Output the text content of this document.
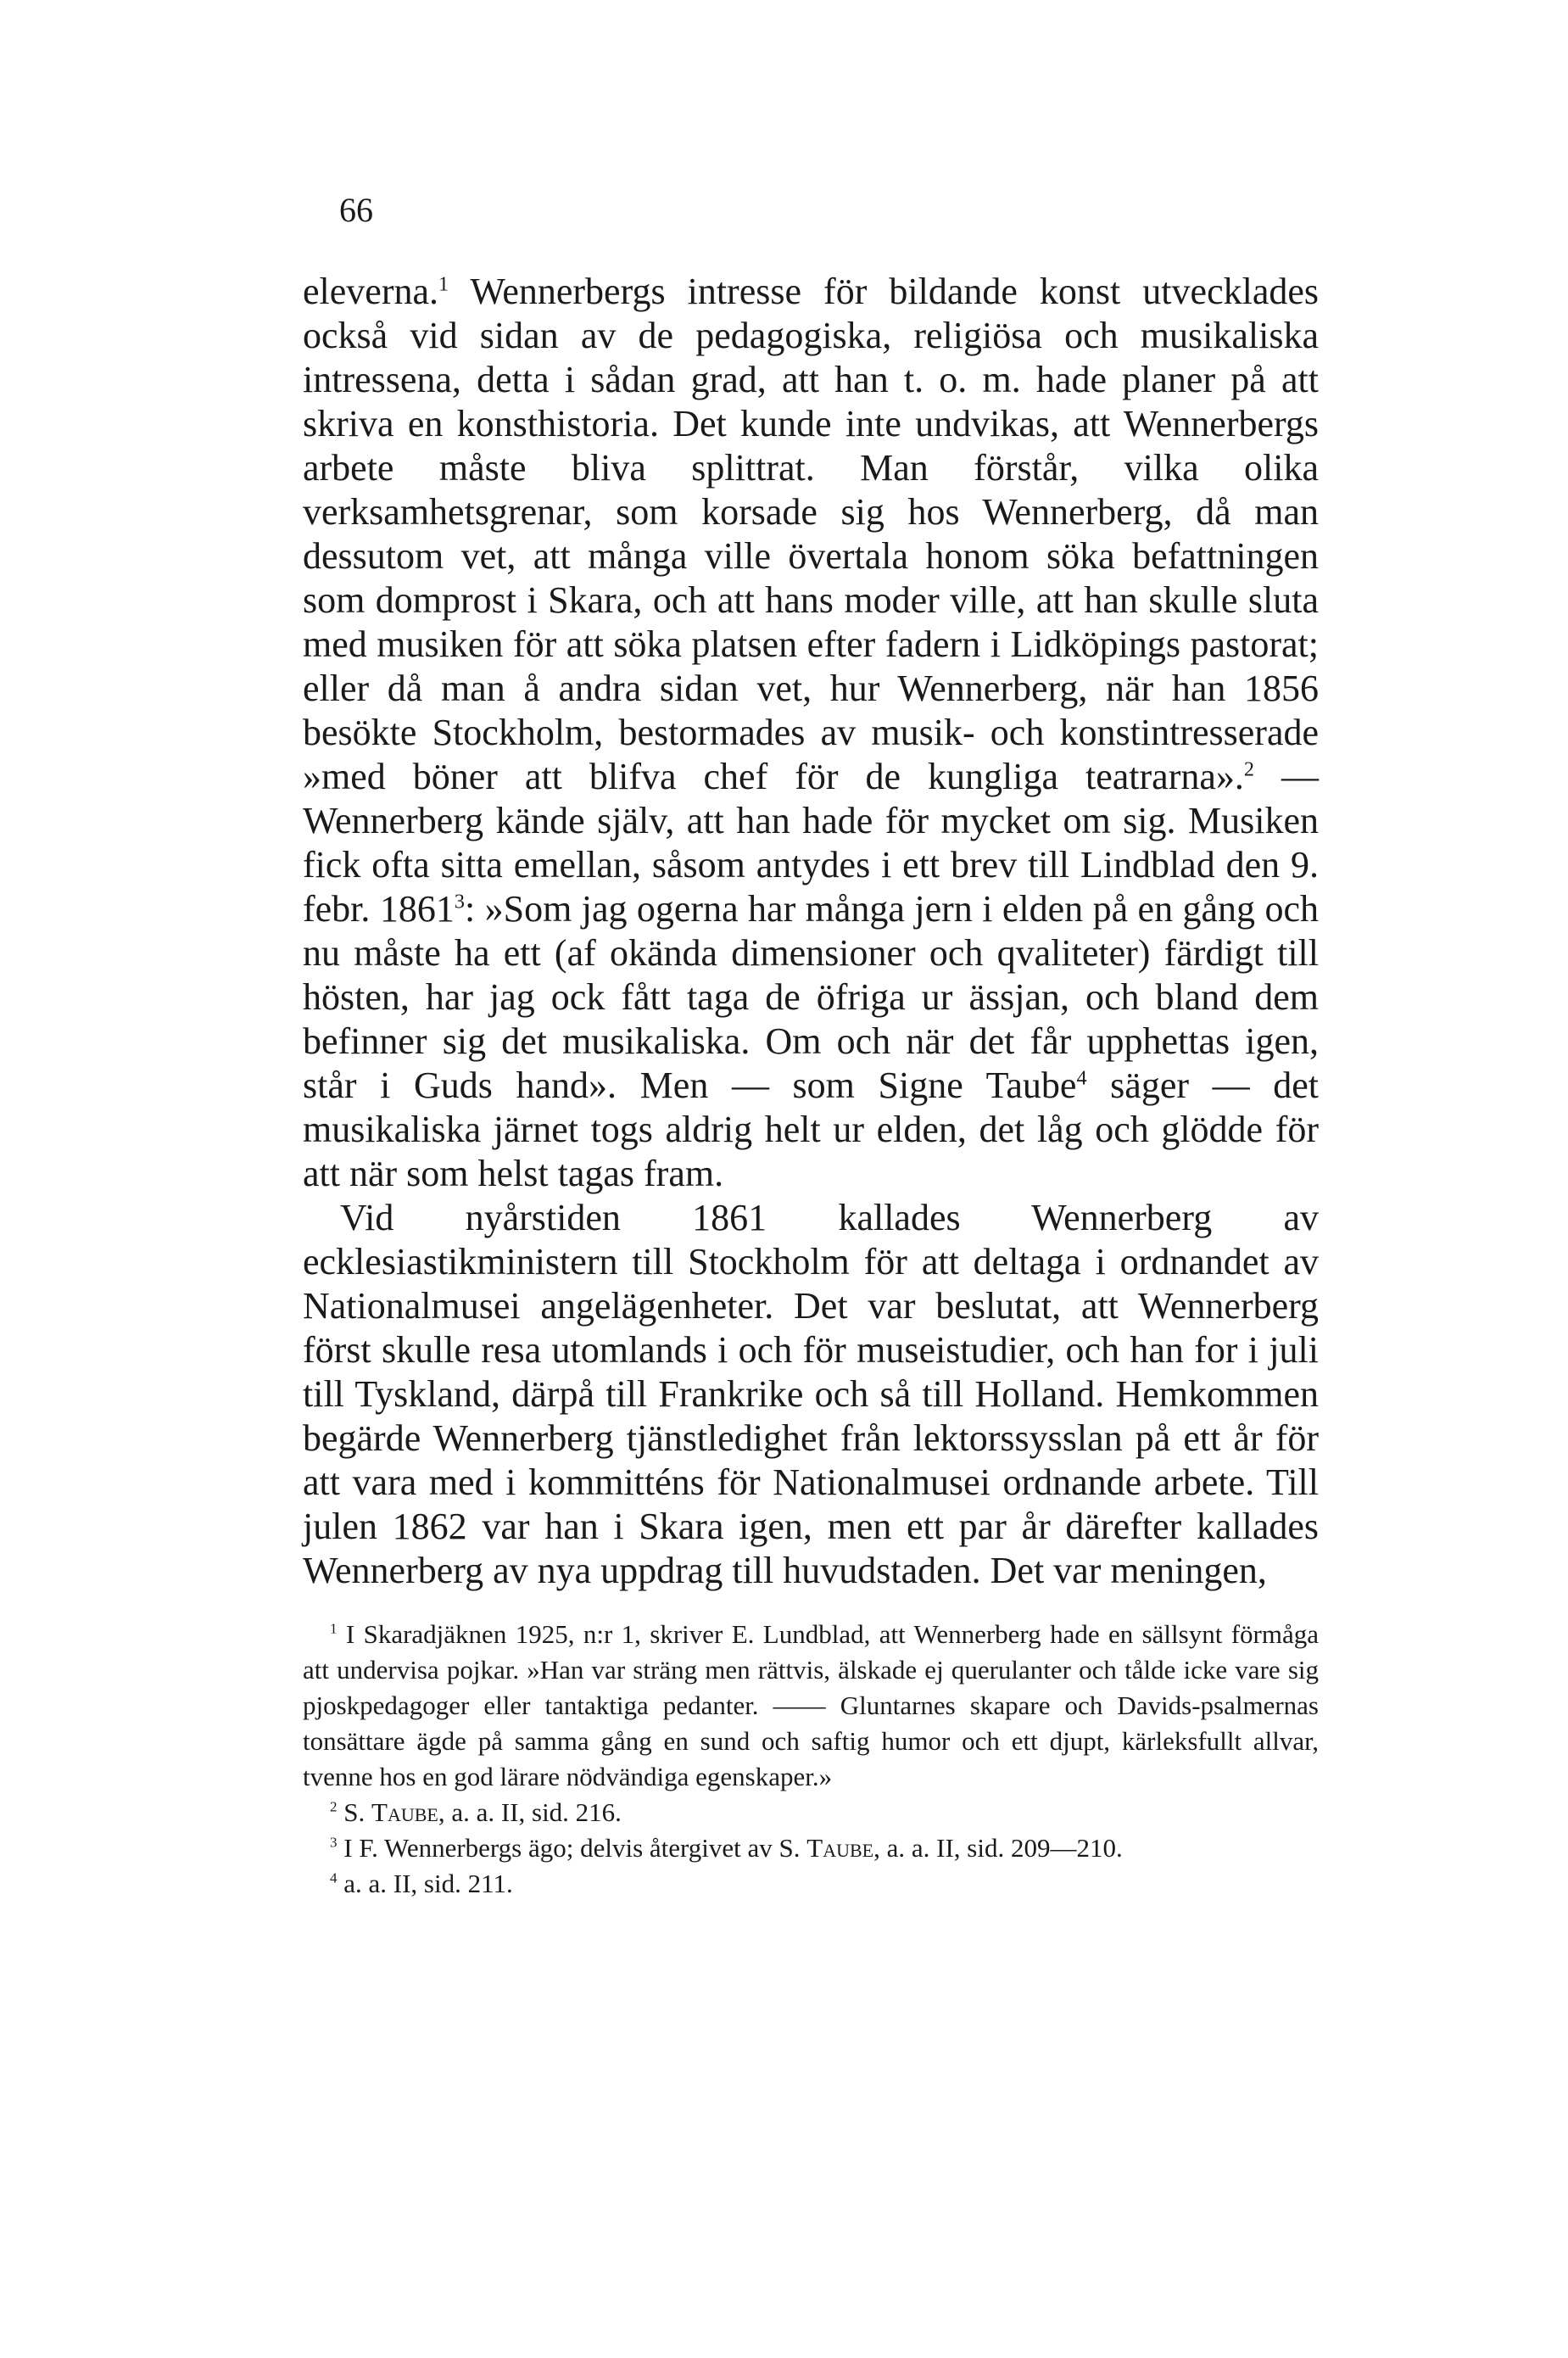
66

eleverna.$^1$ Wennerbergs intresse för bildande konst utvecklades också vid sidan av de pedagogiska, religiösa och musikaliska intressena, detta i sådan grad, att han t. o. m. hade planer på att skriva en konsthistoria. Det kunde inte undvikas, att Wennerbergs arbete måste bliva splittrat. Man förstår, vilka olika verksamhetsgrenar, som korsade sig hos Wennerberg, då man dessutom vet, att många ville övertala honom söka befattningen som domprost i Skara, och att hans moder ville, att han skulle sluta med musiken för att söka platsen efter fadern i Lidköpings pastorat; eller då man å andra sidan vet, hur Wennerberg, när han 1856 besökte Stockholm, bestormades av musik- och konstintresserade »med böner att blifva chef för de kungliga teatrarna».$^2$ — Wennerberg kände själv, att han hade för mycket om sig. Musiken fick ofta sitta emellan, såsom antydes i ett brev till Lindblad den 9. febr. 1861$^3$: »Som jag ogerna har många jern i elden på en gång och nu måste ha ett (af okända dimensioner och qvaliteter) färdigt till hösten, har jag ock fått taga de öfriga ur ässjan, och bland dem befinner sig det musikaliska. Om och när det får upphettas igen, står i Guds hand». Men — som Signe Taube$^4$ säger — det musikaliska järnet togs aldrig helt ur elden, det låg och glödde för att när som helst tagas fram.

Vid nyårstiden 1861 kallades Wennerberg av ecklesiastikministern till Stockholm för att deltaga i ordnandet av Nationalmusei angelägenheter. Det var beslutat, att Wennerberg först skulle resa utomlands i och för museistudier, och han for i juli till Tyskland, därpå till Frankrike och så till Holland. Hemkommen begärde Wennerberg tjänstledighet från lektorssysslan på ett år för att vara med i kommitténs för Nationalmusei ordnande arbete. Till julen 1862 var han i Skara igen, men ett par år därefter kallades Wennerberg av nya uppdrag till huvudstaden. Det var meningen,

$^1$ I Skaradjäknen 1925, n:r 1, skriver E. Lundblad, att Wennerberg hade en sällsynt förmåga att undervisa pojkar. »Han var sträng men rättvis, älskade ej querulanter och tålde icke vare sig pjoskpedagoger eller tantaktiga pedanter. —— Gluntarnes skapare och Davids-psalmernas tonsättare ägde på samma gång en sund och saftig humor och ett djupt, kärleksfullt allvar, tvenne hos en god lärare nödvändiga egenskaper.»

$^2$ S. Taube, a. a. II, sid. 216.

$^3$ I F. Wennerbergs ägo; delvis återgivet av S. Taube, a. a. II, sid. 209—210.

$^4$ a. a. II, sid. 211.
